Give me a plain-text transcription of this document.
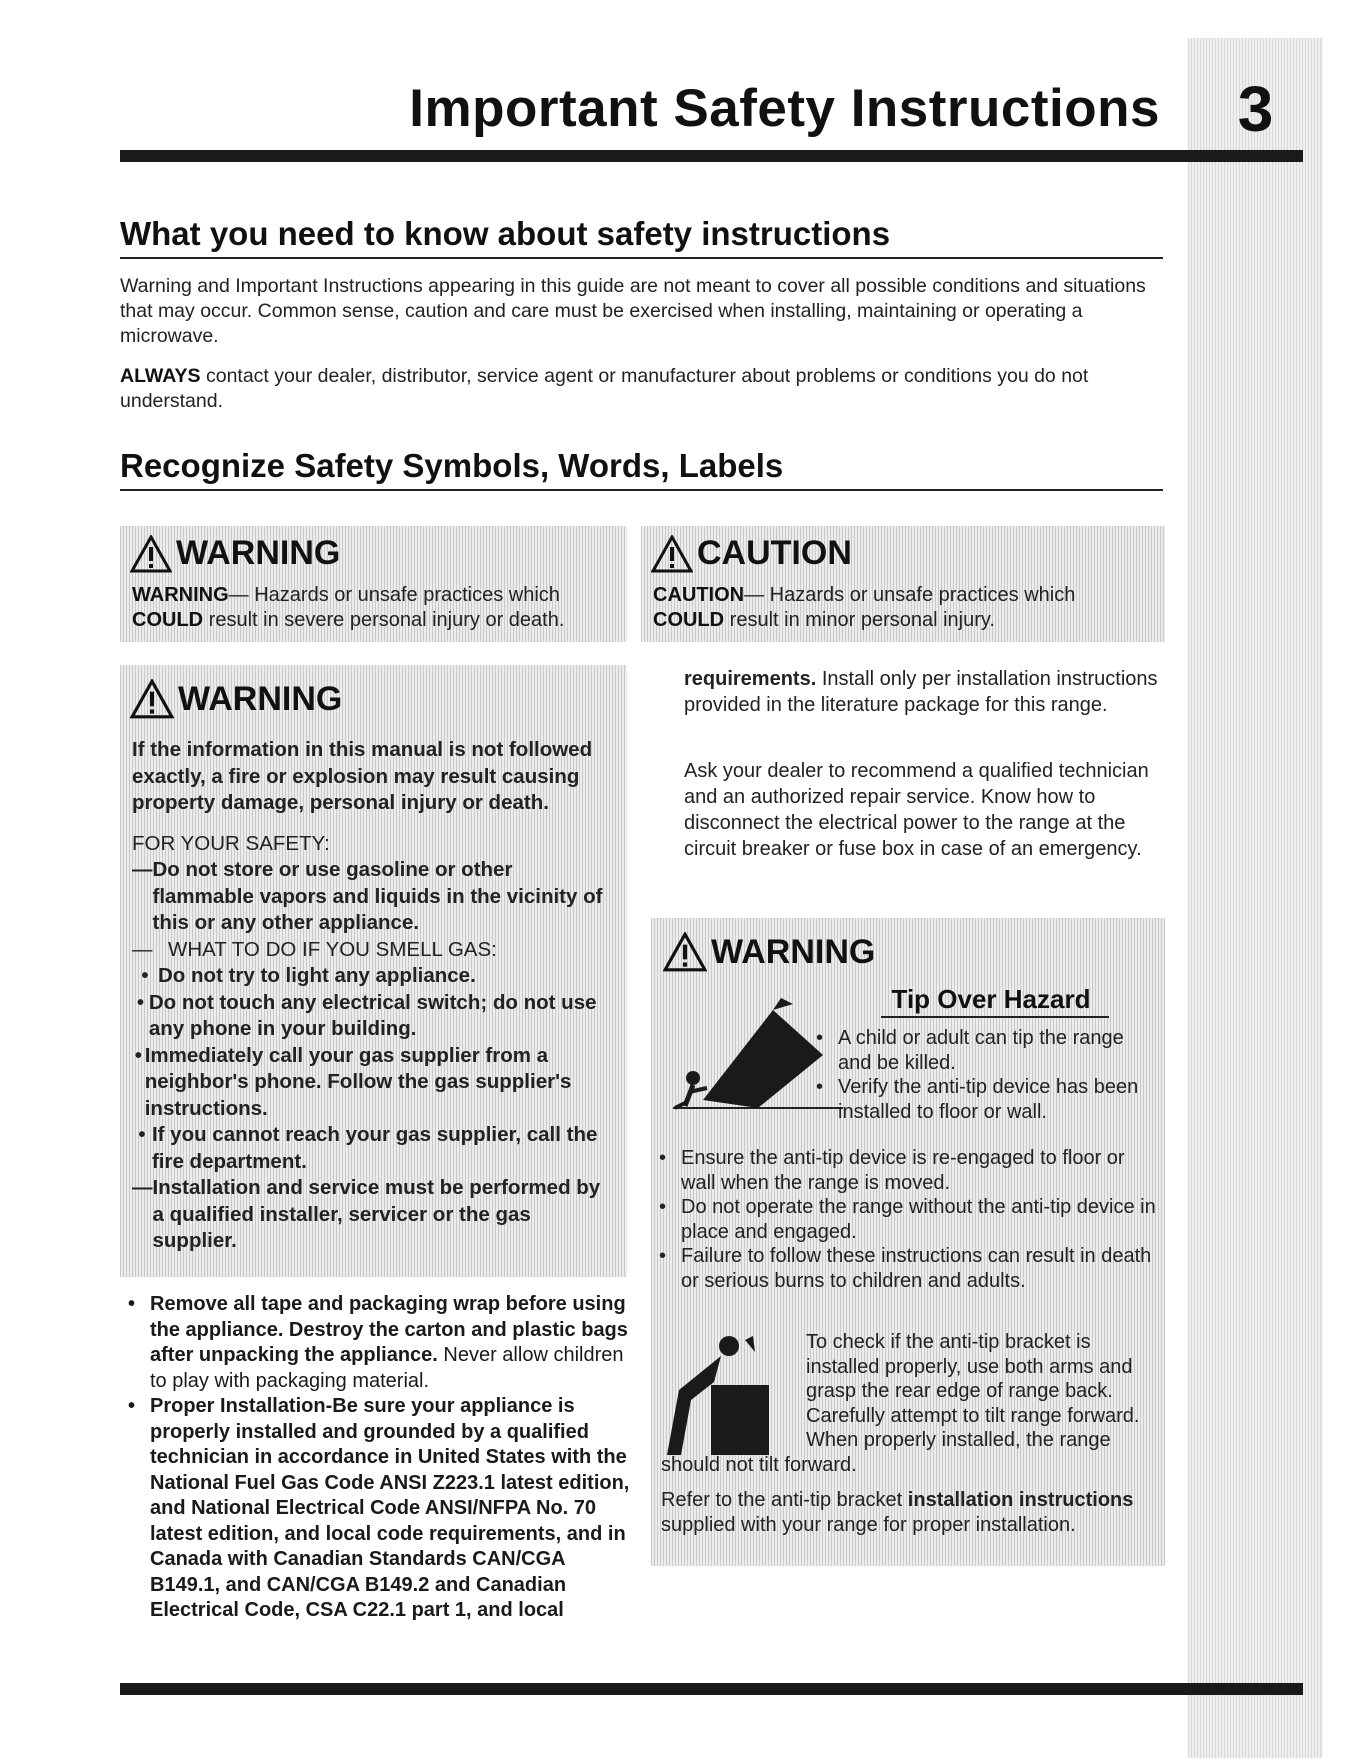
3
Important Safety Instructions
What you need to know about safety instructions
Warning and Important Instructions appearing in this guide are not meant to cover all possible conditions and situations that may occur. Common sense, caution and care must be exercised when installing, maintaining or operating a microwave.
ALWAYS contact your dealer, distributor, service agent or manufacturer about problems or conditions you do not understand.
Recognize Safety Symbols, Words, Labels
WARNING
WARNING— Hazards or unsafe practices which
COULD result in severe personal injury or death.
CAUTION
CAUTION— Hazards or unsafe practices which
COULD result in minor personal injury.
WARNING
If the information in this manual is not followed exactly, a fire or explosion may result causing property damage, personal injury or death.
FOR YOUR SAFETY:
— Do not store or use gasoline or other flammable vapors and liquids in the vicinity of this or any other appliance.
— WHAT TO DO IF YOU SMELL GAS:
• Do not try to light any appliance.
• Do not touch any electrical switch; do not use any phone in your building.
• Immediately call your gas supplier from a neighbor's phone. Follow the gas supplier's instructions.
• If you cannot reach your gas supplier, call the fire department.
— Installation and service must be performed by a qualified installer, servicer or the gas supplier.
• Remove all tape and packaging wrap before using the appliance. Destroy the carton and plastic bags after unpacking the appliance. Never allow children to play with packaging material.
• Proper Installation-Be sure your appliance is properly installed and grounded by a qualified technician in accordance in United States with the National Fuel Gas Code ANSI Z223.1 latest edition, and National Electrical Code ANSI/NFPA No. 70 latest edition, and local code requirements, and in Canada with Canadian Standards CAN/CGA B149.1, and CAN/CGA B149.2 and Canadian Electrical Code, CSA C22.1 part 1, and local
requirements. Install only per installation instructions provided in the literature package for this range.
Ask your dealer to recommend a qualified technician and an authorized repair service. Know how to disconnect the electrical power to the range at the circuit breaker or fuse box in case of an emergency.
WARNING
Tip Over Hazard
• A child or adult can tip the range and be killed.
• Verify the anti-tip device has been installed to floor or wall.
• Ensure the anti-tip device is re-engaged to floor or wall when the range is moved.
• Do not operate the range without the anti-tip device in place and engaged.
• Failure to follow these instructions can result in death or serious burns to children and adults.
To check if the anti-tip bracket is installed properly, use both arms and grasp the rear edge of range back. Carefully attempt to tilt range forward. When properly installed, the range should not tilt forward.
Refer to the anti-tip bracket installation instructions supplied with your range for proper installation.
